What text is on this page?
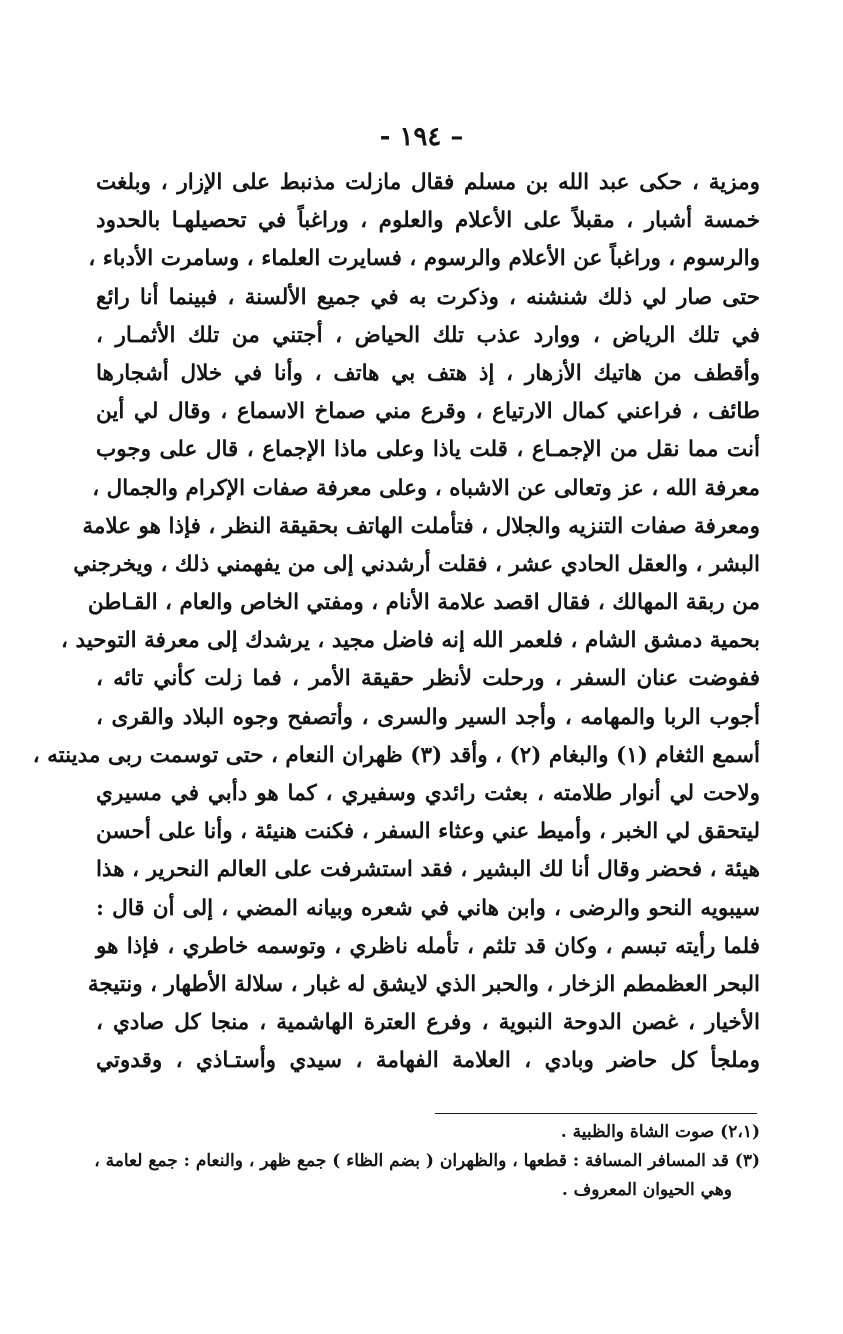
– ١٩٤ -
ومزية ، حكى عبد الله بن مسلم فقال مازلت مذنبط على الإزار ، وبلغت
خمسة أشبار ، مقبلاً على الأعلام والعلوم ، وراغباً في تحصيلهـا بالحدود
والرسوم ، وراغباً عن الأعلام والرسوم ، فسايرت العلماء ، وسامرت الأدباء ،
حتى صار لي ذلك شنشنه ، وذكرت به في جميع الألسنة ، فبينما أنا رائع
في تلك الرياض ، ووارد عذب تلك الحياض ، أجتني من تلك الأثمـار ،
وأقطف من هاتيك الأزهار ، إذ هتف بي هاتف ، وأنا في خلال أشجارها
طائف ، فراعني كمال الارتياع ، وقرع مني صماخ الاسماع ، وقال لي أين
أنت مما نقل من الإجمـاع ، قلت ياذا وعلى ماذا الإجماع ، قال على وجوب
معرفة الله ، عز وتعالى عن الاشباه ، وعلى معرفة صفات الإكرام والجمال ،
ومعرفة صفات التنزيه والجلال ، فتأملت الهاتف بحقيقة النظر ، فإذا هو علامة
البشر ، والعقل الحادي عشر ، فقلت أرشدني إلى من يفهمني ذلك ، ويخرجني
من ربقة المهالك ، فقال اقصد علامة الأنام ، ومفتي الخاص والعام ، القـاطن
بحمية دمشق الشام ، فلعمر الله إنه فاضل مجيد ، يرشدك إلى معرفة التوحيد ،
ففوضت عنان السفر ، ورحلت لأنظر حقيقة الأمر ، فما زلت كأني تائه ،
أجوب الربا والمهامه ، وأجد السير والسرى ، وأتصفح وجوه البلاد والقرى ،
أسمع الثغام (١) والبغام (٢) ، وأقد (٣) ظهران النعام ، حتى توسمت ربى مدينته ،
ولاحت لي أنوار طلامته ، بعثت رائدي وسفيري ، كما هو دأبي في مسيري
ليتحقق لي الخبر ، وأميط عني وعثاء السفر ، فكنت هنيئة ، وأنا على أحسن
هيئة ، فحضر وقال أنا لك البشير ، فقد استشرفت على العالم النحرير ، هذا
سيبويه النحو والرضى ، وابن هاني في شعره وبيانه المضي ، إلى أن قال :
فلما رأيته تبسم ، وكان قد تلثم ، تأمله ناظري ، وتوسمه خاطري ، فإذا هو
البحر العظمطم الزخار ، والحبر الذي لايشق له غبار ، سلالة الأطهار ، ونتيجة
الأخيار ، غصن الدوحة النبوية ، وفرع العترة الهاشمية ، منجا كل صادي ،
وملجأ كل حاضر وبادي ، العلامة الفهامة ، سيدي وأستـاذي ، وقدوتي
(٢،١) صوت الشاة والظبية .
(٣) قد المسافر المسافة : قطعها ، والظهران ( بضم الظاء ) جمع ظهر ، والنعام : جمع لعامة ،
وهي الحيوان المعروف .
